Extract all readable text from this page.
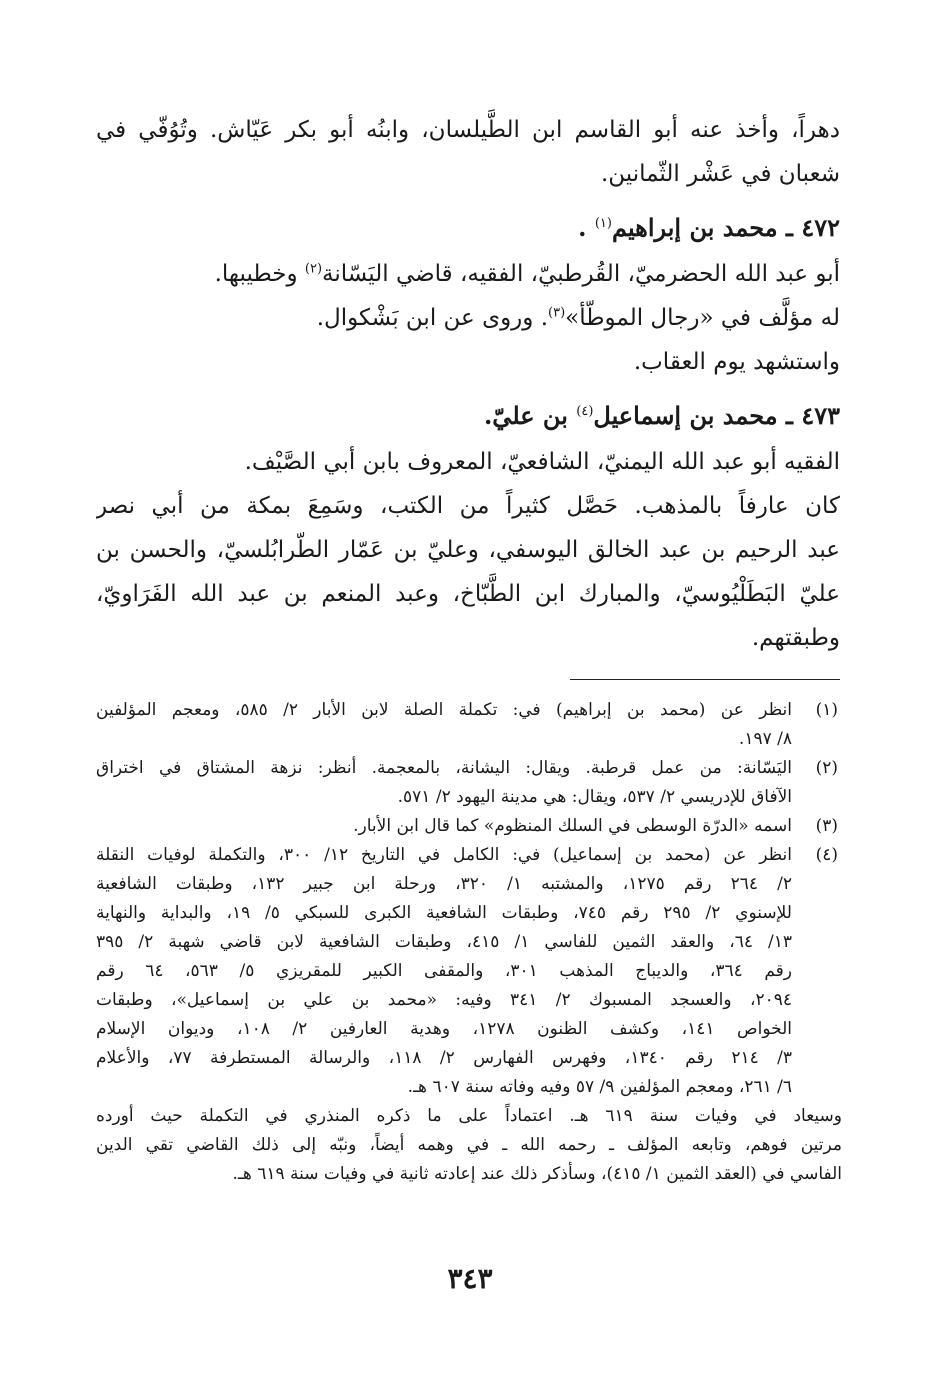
دهراً، وأخذ عنه أبو القاسم ابن الطَّيلسان، وابنُه أبو بكر عَيّاش. وتُوُفّي في
شعبان في عَشْر الثّمانين.
٤٧٢ ـ محمد بن إبراهيم$^{(١)}$ .
أبو عبد الله الحضرميّ، القُرطبيّ، الفقيه، قاضي اليَسّانة$^{(٢)}$ وخطيبها.
له مؤلَّف في «رجال الموطّأ»$^{(٣)}$. وروى عن ابن بَشْكوال.
واستشهد يوم العقاب.
٤٧٣ ـ محمد بن إسماعيل$^{(٤)}$ بن عليّ.
الفقيه أبو عبد الله اليمنيّ، الشافعيّ، المعروف بابن أبي الصَّيْف.
كان عارفاً بالمذهب. حَصَّل كثيراً من الكتب، وسَمِعَ بمكة من أبي نصر
عبد الرحيم بن عبد الخالق اليوسفي، وعليّ بن عَمّار الطّرابُلسيّ، والحسن بن
عليّ البَطَلْيُوسيّ، والمبارك ابن الطَّبّاخ، وعبد المنعم بن عبد الله الفَرَاويّ،
وطبقتهم.
(١)
انظر عن (محمد بن إبراهيم) في: تكملة الصلة لابن الأبار ٢/ ٥٨٥، ومعجم المؤلفين
٨/ ١٩٧.
(٢)
اليَسّانة: من عمل قرطبة. ويقال: اليشانة، بالمعجمة. أنظر: نزهة المشتاق في اختراق
الآفاق للإدريسي ٢/ ٥٣٧، ويقال: هي مدينة اليهود ٢/ ٥٧١.
(٣)
اسمه «الدرّة الوسطى في السلك المنظوم» كما قال ابن الأبار.
(٤)
انظر عن (محمد بن إسماعيل) في: الكامل في التاريخ ١٢/ ٣٠٠، والتكملة لوفيات النقلة
٢/ ٢٦٤ رقم ١٢٧٥، والمشتبه ١/ ٣٢٠، ورحلة ابن جبير ١٣٢، وطبقات الشافعية
للإسنوي ٢/ ٢٩٥ رقم ٧٤٥، وطبقات الشافعية الكبرى للسبكي ٥/ ١٩، والبداية والنهاية
١٣/ ٦٤، والعقد الثمين للفاسي ١/ ٤١٥، وطبقات الشافعية لابن قاضي شهبة ٢/ ٣٩٥
رقم ٣٦٤، والديباج المذهب ٣٠١، والمقفى الكبير للمقريزي ٥/ ٥٦٣، ٦٤ رقم
٢٠٩٤، والعسجد المسبوك ٢/ ٣٤١ وفيه: «محمد بن علي بن إسماعيل»، وطبقات
الخواص ١٤١، وكشف الظنون ١٢٧٨، وهدية العارفين ٢/ ١٠٨، وديوان الإسلام
٣/ ٢١٤ رقم ١٣٤٠، وفهرس الفهارس ٢/ ١١٨، والرسالة المستطرفة ٧٧، والأعلام
٦/ ٢٦١، ومعجم المؤلفين ٩/ ٥٧ وفيه وفاته سنة ٦٠٧ هـ.
وسيعاد في وفيات سنة ٦١٩ هـ. اعتماداً على ما ذكره المنذري في التكملة حيث أورده
مرتين فوهم، وتابعه المؤلف ـ رحمه الله ـ في وهمه أيضاً، ونبّه إلى ذلك القاضي تقي الدين
الفاسي في (العقد الثمين ١/ ٤١٥)، وسأذكر ذلك عند إعادته ثانية في وفيات سنة ٦١٩ هـ.
٣٤٣
